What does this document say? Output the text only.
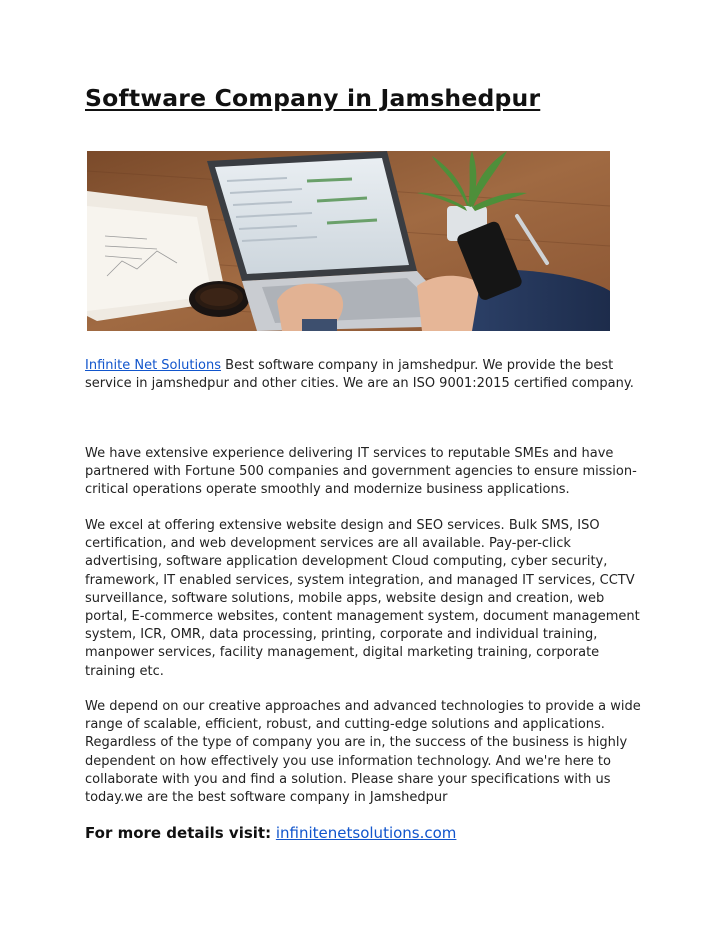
Software Company in Jamshedpur

Infinite Net Solutions Best software company in jamshedpur. We provide the best service in jamshedpur and other cities. We are an ISO 9001:2015 certified company.

We have extensive experience delivering IT services to reputable SMEs and have partnered with Fortune 500 companies and government agencies to ensure mission-critical operations operate smoothly and modernize business applications.

We excel at offering extensive website design and SEO services. Bulk SMS, ISO certification, and web development services are all available. Pay-per-click advertising, software application development Cloud computing, cyber security, framework, IT enabled services, system integration, and managed IT services, CCTV surveillance, software solutions, mobile apps, website design and creation, web portal, E-commerce websites, content management system, document management system, ICR, OMR, data processing, printing, corporate and individual training, manpower services, facility management, digital marketing training, corporate training etc.

We depend on our creative approaches and advanced technologies to provide a wide range of scalable, efficient, robust, and cutting-edge solutions and applications. Regardless of the type of company you are in, the success of the business is highly dependent on how effectively you use information technology. And we're here to collaborate with you and find a solution. Please share your specifications with us today.we are the best software company in Jamshedpur

For more details visit: infinitenetsolutions.com
